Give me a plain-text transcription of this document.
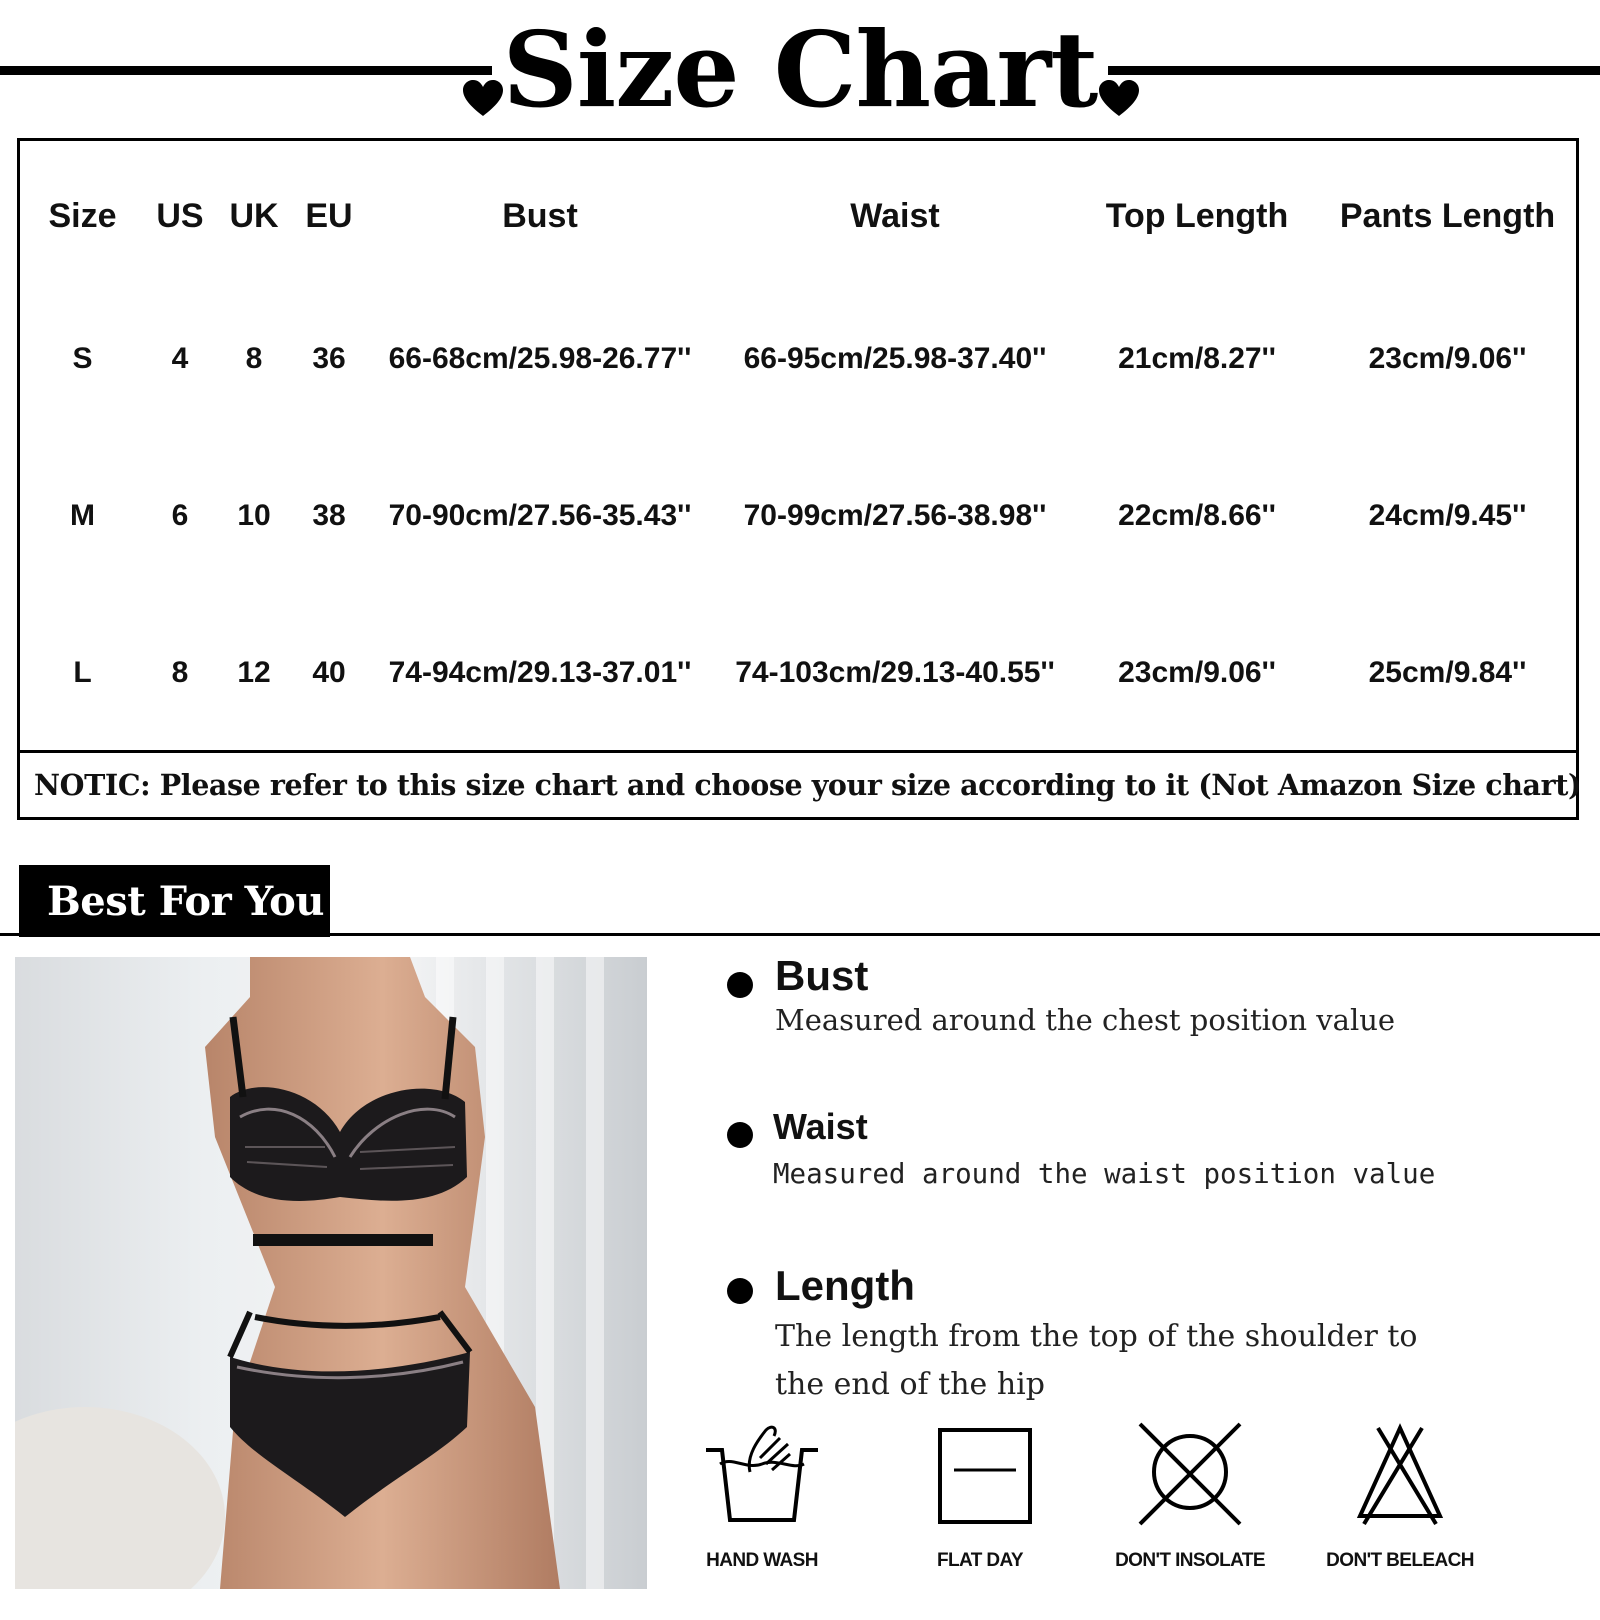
Size Chart
Size	US	UK	EU	Bust	Waist	Top Length	Pants Length
S	4	8	36	66-68cm/25.98-26.77''	66-95cm/25.98-37.40''	21cm/8.27''	23cm/9.06''
M	6	10	38	70-90cm/27.56-35.43''	70-99cm/27.56-38.98''	22cm/8.66''	24cm/9.45''
L	8	12	40	74-94cm/29.13-37.01''	74-103cm/29.13-40.55''	23cm/9.06''	25cm/9.84''
NOTIC: Please refer to this size chart and choose your size according to it (Not Amazon Size chart)
Best For You
Bust
Measured around the chest position value
Waist
Measured around the waist position value
Length
The length from the top of the shoulder to
the end of the hip
HAND WASH	FLAT DAY	DON'T INSOLATE	DON'T BELEACH
